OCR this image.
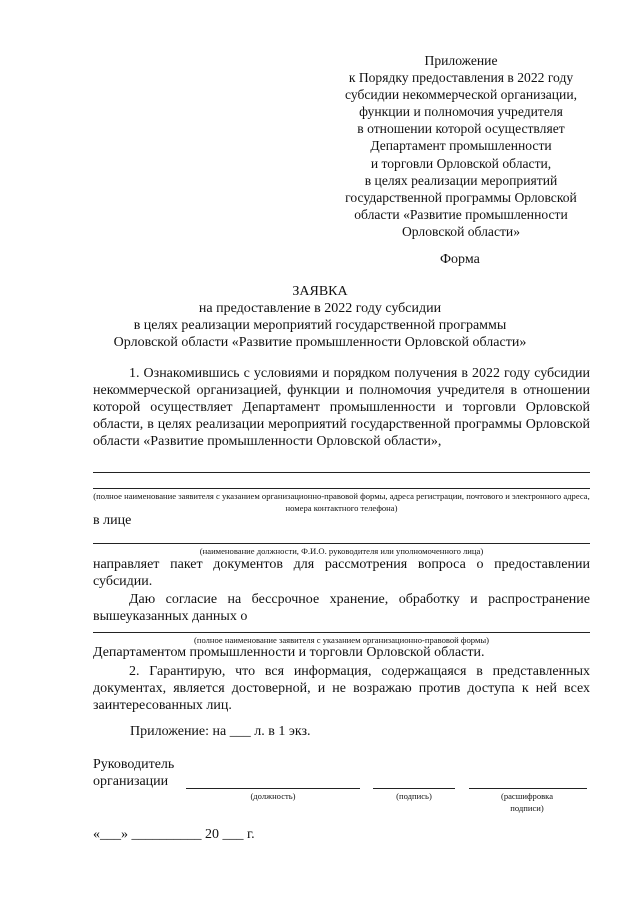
Приложение
к Порядку предоставления в 2022 году
субсидии некоммерческой организации,
функции и полномочия учредителя
в отношении которой осуществляет
Департамент промышленности
и торговли Орловской области,
в целях реализации мероприятий
государственной программы Орловской
области «Развитие промышленности
Орловской области»
Форма
ЗАЯВКА
на предоставление в 2022 году субсидии
в целях реализации мероприятий государственной программы
Орловской области «Развитие промышленности Орловской области»
1. Ознакомившись с условиями и порядком получения в 2022 году субсидии некоммерческой организацией, функции и полномочия учредителя в отношении которой осуществляет Департамент промышленности и торговли Орловской области, в целях реализации мероприятий государственной программы Орловской области «Развитие промышленности Орловской области»,
(полное наименование заявителя с указанием организационно-правовой формы, адреса регистрации, почтового и электронного адреса, номера контактного телефона)
в лице
(наименование должности, Ф.И.О. руководителя или уполномоченного лица)
направляет пакет документов для рассмотрения вопроса о предоставлении субсидии.
Даю согласие на бессрочное хранение, обработку и распространение вышеуказанных данных о
(полное наименование заявителя с указанием организационно-правовой формы)
Департаментом промышленности и торговли Орловской области.
2. Гарантирую, что вся информация, содержащаяся в представленных документах, является достоверной, и не возражаю против доступа к ней всех заинтересованных лиц.
Приложение: на ___ л. в 1 экз.
Руководитель
организации
(должность)	(подпись)	(расшифровка подписи)
«___» __________ 20 ___ г.
